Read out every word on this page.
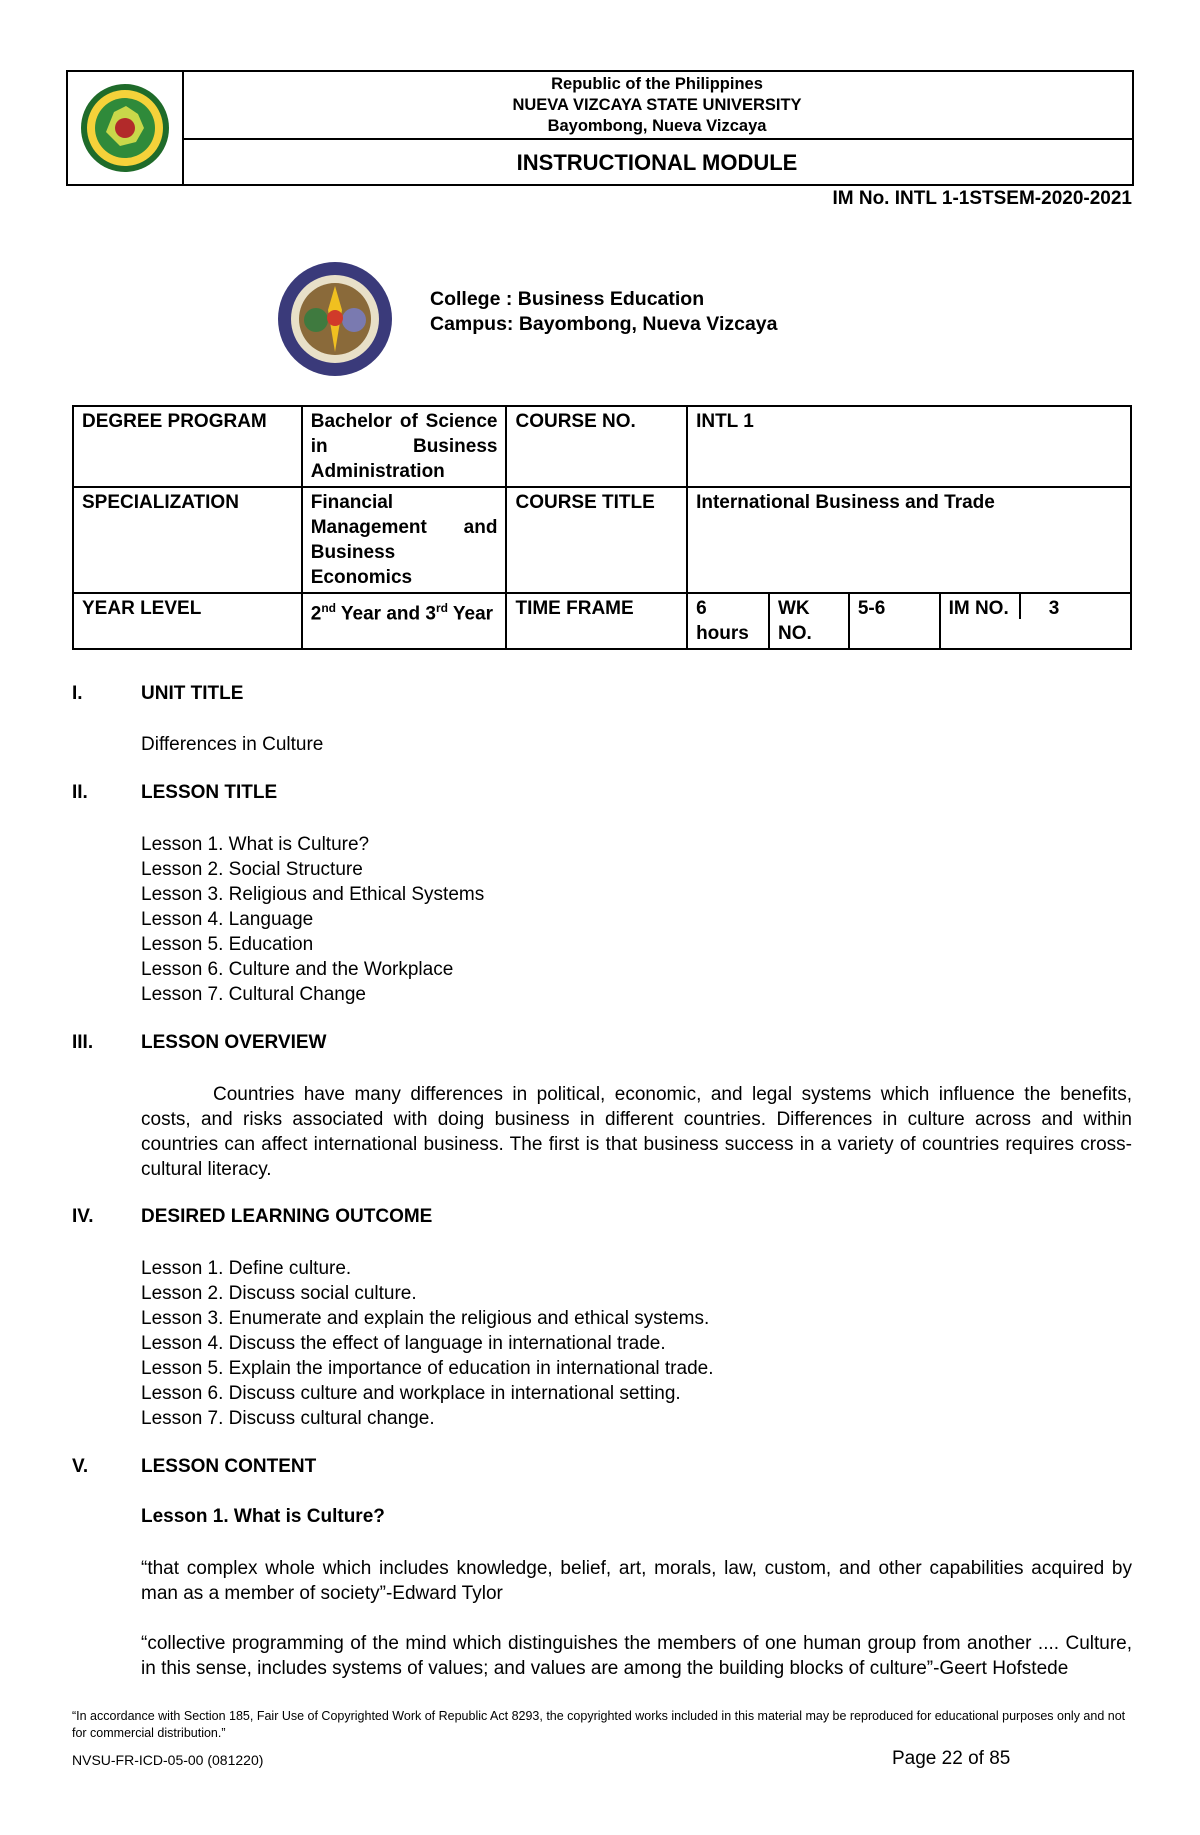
Republic of the Philippines
NUEVA VIZCAYA STATE UNIVERSITY
Bayombong, Nueva Vizcaya
INSTRUCTIONAL MODULE
IM No. INTL 1-1STSEM-2020-2021
College : Business Education
Campus: Bayombong, Nueva Vizcaya
DEGREE PROGRAM	Bachelor of Science in Business Administration	COURSE NO.	INTL 1			
SPECIALIZATION	Financial Management and Business Economics	COURSE TITLE	International Business and Trade			
YEAR LEVEL	2nd Year and 3rd Year	TIME FRAME	6 hours	WK NO.	5-6	IM NO. 3
I.	UNIT TITLE
Differences in Culture
II.	LESSON TITLE
Lesson 1. What is Culture?
Lesson 2. Social Structure
Lesson 3. Religious and Ethical Systems
Lesson 4. Language
Lesson 5. Education
Lesson 6. Culture and the Workplace
Lesson 7. Cultural Change
III.	LESSON OVERVIEW
Countries have many differences in political, economic, and legal systems which influence the benefits, costs, and risks associated with doing business in different countries. Differences in culture across and within countries can affect international business. The first is that business success in a variety of countries requires cross-cultural literacy.
IV.	DESIRED LEARNING OUTCOME
Lesson 1. Define culture.
Lesson 2. Discuss social culture.
Lesson 3. Enumerate and explain the religious and ethical systems.
Lesson 4. Discuss the effect of language in international trade.
Lesson 5. Explain the importance of education in international trade.
Lesson 6. Discuss culture and workplace in international setting.
Lesson 7. Discuss cultural change.
V.	LESSON CONTENT
Lesson 1. What is Culture?
“that complex whole which includes knowledge, belief, art, morals, law, custom, and other capabilities acquired by man as a member of society”-Edward Tylor
“collective programming of the mind which distinguishes the members of one human group from another .... Culture, in this sense, includes systems of values; and values are among the building blocks of culture”-Geert Hofstede
“In accordance with Section 185, Fair Use of Copyrighted Work of Republic Act 8293, the copyrighted works included in this material may be reproduced for educational purposes only and not for commercial distribution.”
NVSU-FR-ICD-05-00 (081220)	Page 22 of 85
